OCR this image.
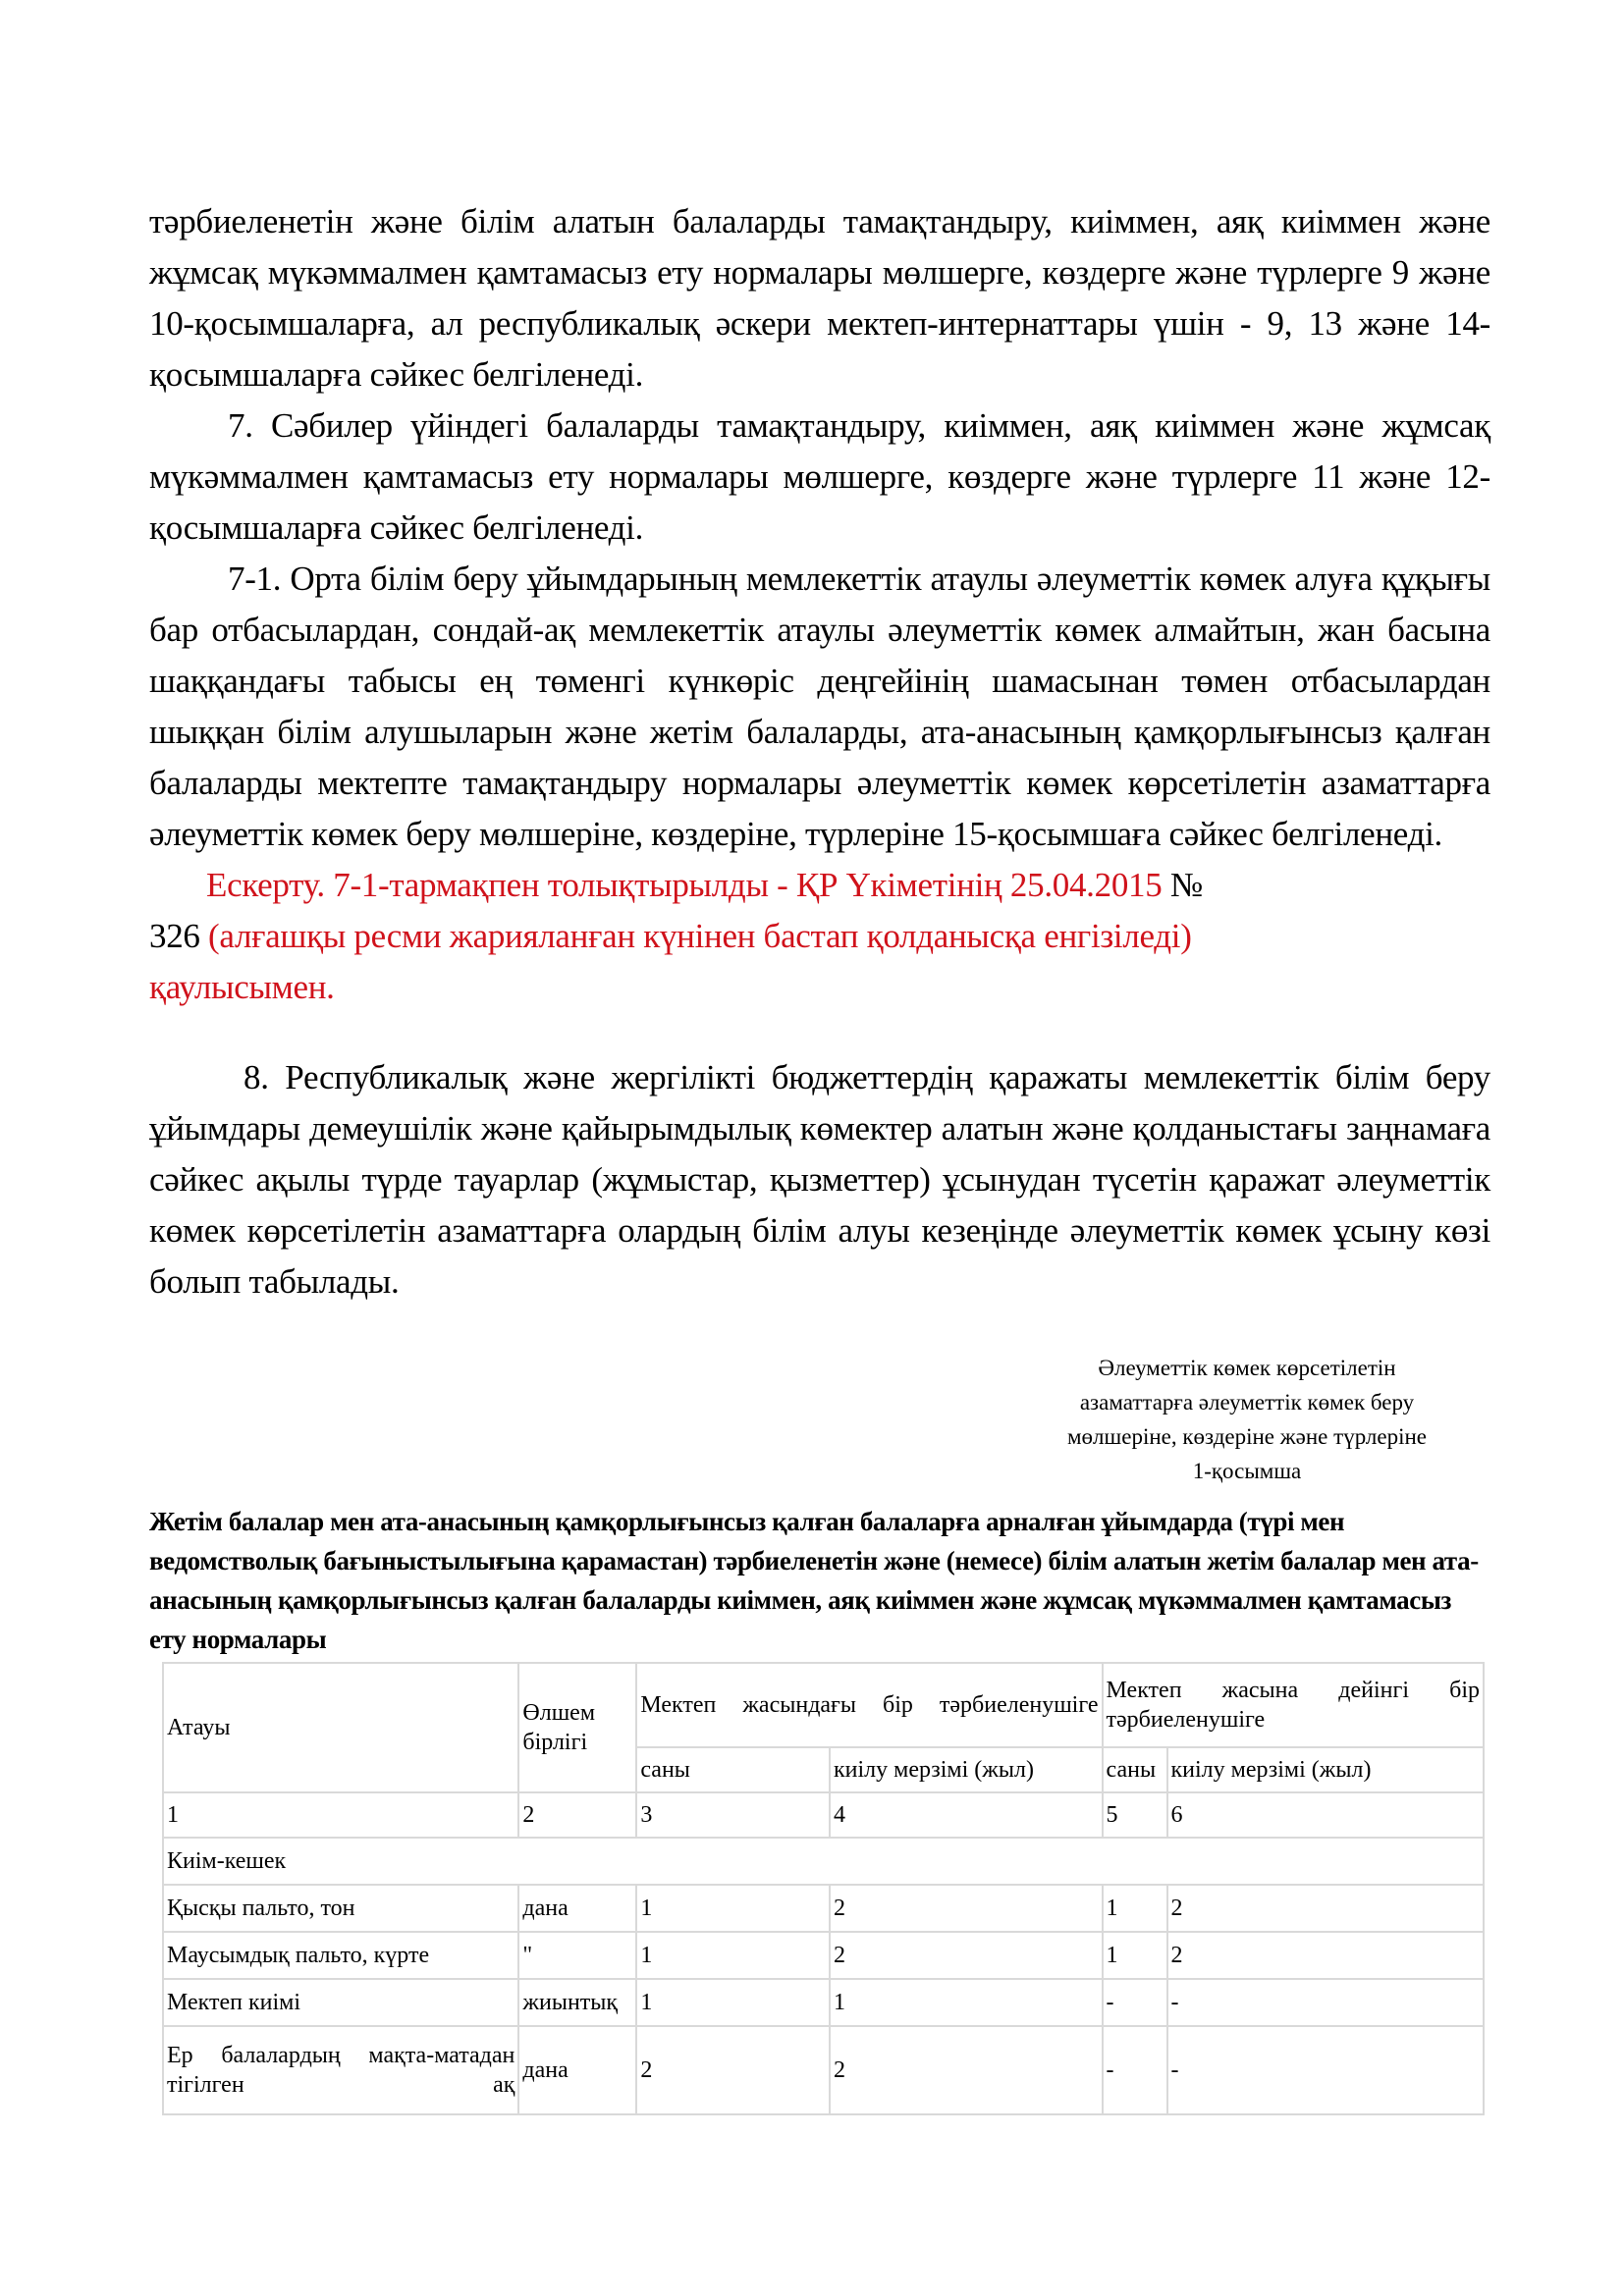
тәрбиеленетін және білім алатын балаларды тамақтандыру, киіммен, аяқ киіммен және жұмсақ мүкәммалмен қамтамасыз ету нормалары мөлшерге, көздерге және түрлерге 9 және 10-қосымшаларға, ал республикалық әскери мектеп-интернаттары үшін - 9, 13 және 14-қосымшаларға сәйкес белгіленеді.

7. Сәбилер үйіндегі балаларды тамақтандыру, киіммен, аяқ киіммен және жұмсақ мүкәммалмен қамтамасыз ету нормалары мөлшерге, көздерге және түрлерге 11 және 12-қосымшаларға сәйкес белгіленеді.

7-1. Орта білім беру ұйымдарының мемлекеттік атаулы әлеуметтік көмек алуға құқығы бар отбасылардан, сондай-ақ мемлекеттік атаулы әлеуметтік көмек алмайтын, жан басына шаққандағы табысы ең төменгі күнкөріс деңгейінің шамасынан төмен отбасылардан шыққан білім алушыларын және жетім балаларды, ата-анасының қамқорлығынсыз қалған балаларды мектепте тамақтандыру нормалары әлеуметтік көмек көрсетілетін азаматтарға әлеуметтік көмек беру мөлшеріне, көздеріне, түрлеріне 15-қосымшаға сәйкес белгіленеді.

Ескерту. 7-1-тармақпен толықтырылды - ҚР Үкіметінің 25.04.2015 № 326 (алғашқы ресми жарияланған күнінен бастап қолданысқа енгізіледі) қаулысымен.

8. Республикалық және жергілікті бюджеттердің қаражаты мемлекеттік білім беру ұйымдары демеушілік және қайырымдылық көмектер алатын және қолданыстағы заңнамаға сәйкес ақылы түрде тауарлар (жұмыстар, қызметтер) ұсынудан түсетін қаражат әлеуметтік көмек көрсетілетін азаматтарға олардың білім алуы кезеңінде әлеуметтік көмек ұсыну көзі болып табылады.

Әлеуметтік көмек көрсетілетін
азаматтарға әлеуметтік көмек беру
мөлшеріне, көздеріне және түрлеріне
1-қосымша
Жетім балалар мен ата-анасының қамқорлығынсыз қалған балаларға арналған ұйымдарда (түрі мен ведомстволық бағыныстылығына қарамастан) тәрбиеленетін және (немесе) білім алатын жетім балалар мен ата-анасының қамқорлығынсыз қалған балаларды киіммен, аяқ киіммен және жұмсақ мүкәммалмен қамтамасыз ету нормалары
Атауы	Өлшем бірлігі	Мектеп жасындағы бір тәрбиеленушіге		Мектеп жасына дейінгі бір тәрбиеленушіге	
		саны	киілу мерзімі (жыл)	саны	киілу мерзімі (жыл)
1	2	3	4	5	6
Киім-кешек					
Қысқы пальто, тон	дана	1	2	1	2
Маусымдық пальто, күрте	"	1	2	1	2
Мектеп киімі	жиынтық	1	1	-	-
Ер балалардың мақта-матадан тігілген ақ	дана	2	2	-	-
